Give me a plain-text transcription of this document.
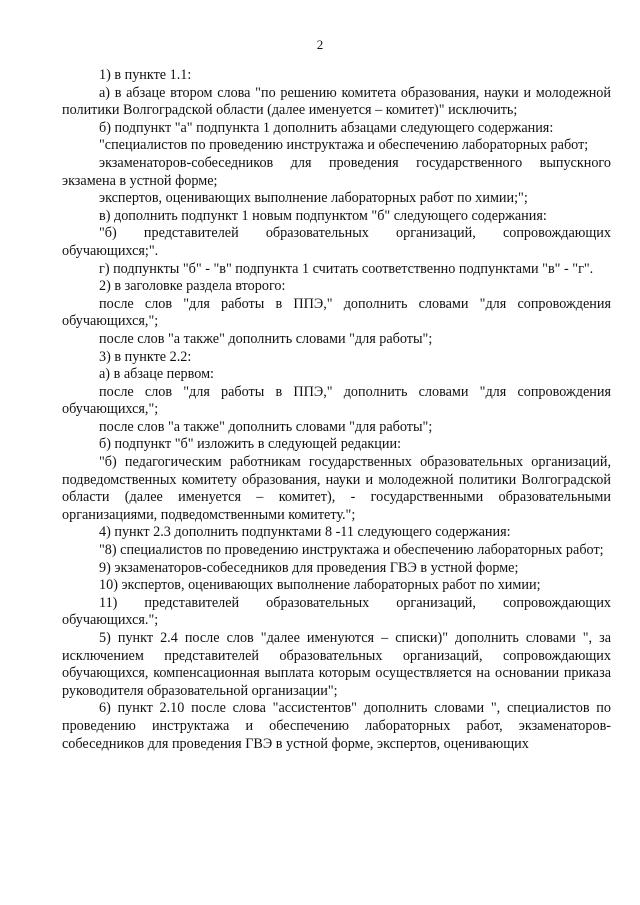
2

1) в пункте 1.1:

а) в абзаце втором слова "по решению комитета образования, науки и молодежной политики Волгоградской области (далее именуется – комитет)" исключить;

б) подпункт "а" подпункта 1 дополнить абзацами следующего содержания:

"специалистов по проведению инструктажа и обеспечению лабораторных работ;

экзаменаторов-собеседников для проведения государственного выпускного экзамена в устной форме;

экспертов, оценивающих выполнение лабораторных работ по химии;";

в) дополнить подпункт 1 новым подпунктом "б" следующего содержания:

"б) представителей образовательных организаций, сопровождающих обучающихся;".

г) подпункты "б" - "в" подпункта 1 считать соответственно подпунктами "в" - "г".

2) в заголовке раздела второго:

после слов "для работы в ППЭ," дополнить словами "для сопровождения обучающихся,";

после слов "а также" дополнить словами "для работы";

3) в пункте 2.2:

а) в абзаце первом:

после слов "для работы в ППЭ," дополнить словами "для сопровождения обучающихся,";

после слов "а также" дополнить словами "для работы";

б) подпункт "б" изложить в следующей редакции:

"б) педагогическим работникам государственных образовательных организаций, подведомственных комитету образования, науки и молодежной политики Волгоградской области (далее именуется – комитет), - государственными образовательными организациями, подведомственными комитету.";

4) пункт 2.3 дополнить подпунктами 8 -11 следующего содержания:

"8) специалистов по проведению инструктажа и обеспечению лабораторных работ;

9) экзаменаторов-собеседников для проведения ГВЭ в устной форме;

10) экспертов, оценивающих выполнение лабораторных работ по химии;

11) представителей образовательных организаций, сопровождающих обучающихся.";

5) пункт 2.4 после слов "далее именуются – списки)" дополнить словами ", за исключением представителей образовательных организаций, сопровождающих обучающихся, компенсационная выплата которым осуществляется на основании приказа руководителя образовательной организации";

6) пункт 2.10 после слова "ассистентов" дополнить словами ", специалистов по проведению инструктажа и обеспечению лабораторных работ, экзаменаторов-собеседников для проведения ГВЭ в устной форме, экспертов, оценивающих
